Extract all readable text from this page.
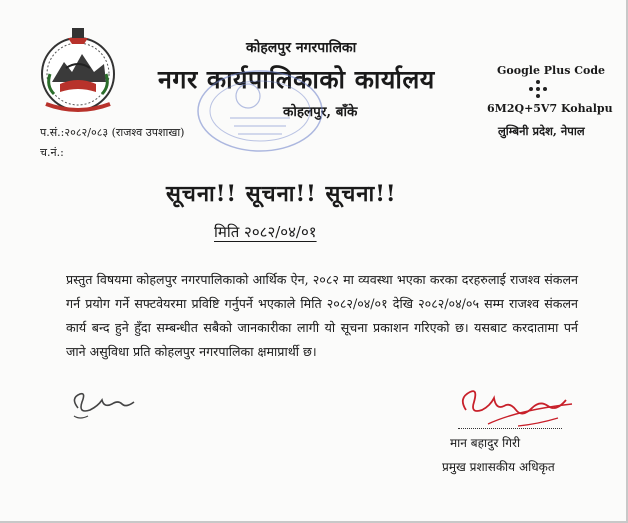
कोहलपुर नगरपालिका
नगर कार्यपालिकाको कार्यालय
कोहलपुर, बाँके
Google Plus Code
6M2Q+5V7 Kohalpu
लुम्बिनी प्रदेश, नेपाल
प.सं.:२०८२/०८३ (राजश्व उपशाखा)
च.नं.:
सूचना!! सूचना!! सूचना!!
मिति २०८२/०४/०१
प्रस्तुत विषयमा कोहलपुर नगरपालिकाको आर्थिक ऐन, २०८२ मा व्यवस्था भएका करका दरहरुलाई राजश्व संकलन गर्न प्रयोग गर्ने सफ्टवेयरमा प्रविष्टि गर्नुपर्ने भएकाले मिति २०८२/०४/०१ देखि २०८२/०४/०५ सम्म राजश्व संकलन कार्य बन्द हुने हुँदा सम्बन्धीत सबैको जानकारीका लागी यो सूचना प्रकाशन गरिएको छ। यसबाट करदातामा पर्न जाने असुविधा प्रति कोहलपुर नगरपालिका क्षमाप्रार्थी छ।
मान बहादुर गिरी
प्रमुख प्रशासकीय अधिकृत
